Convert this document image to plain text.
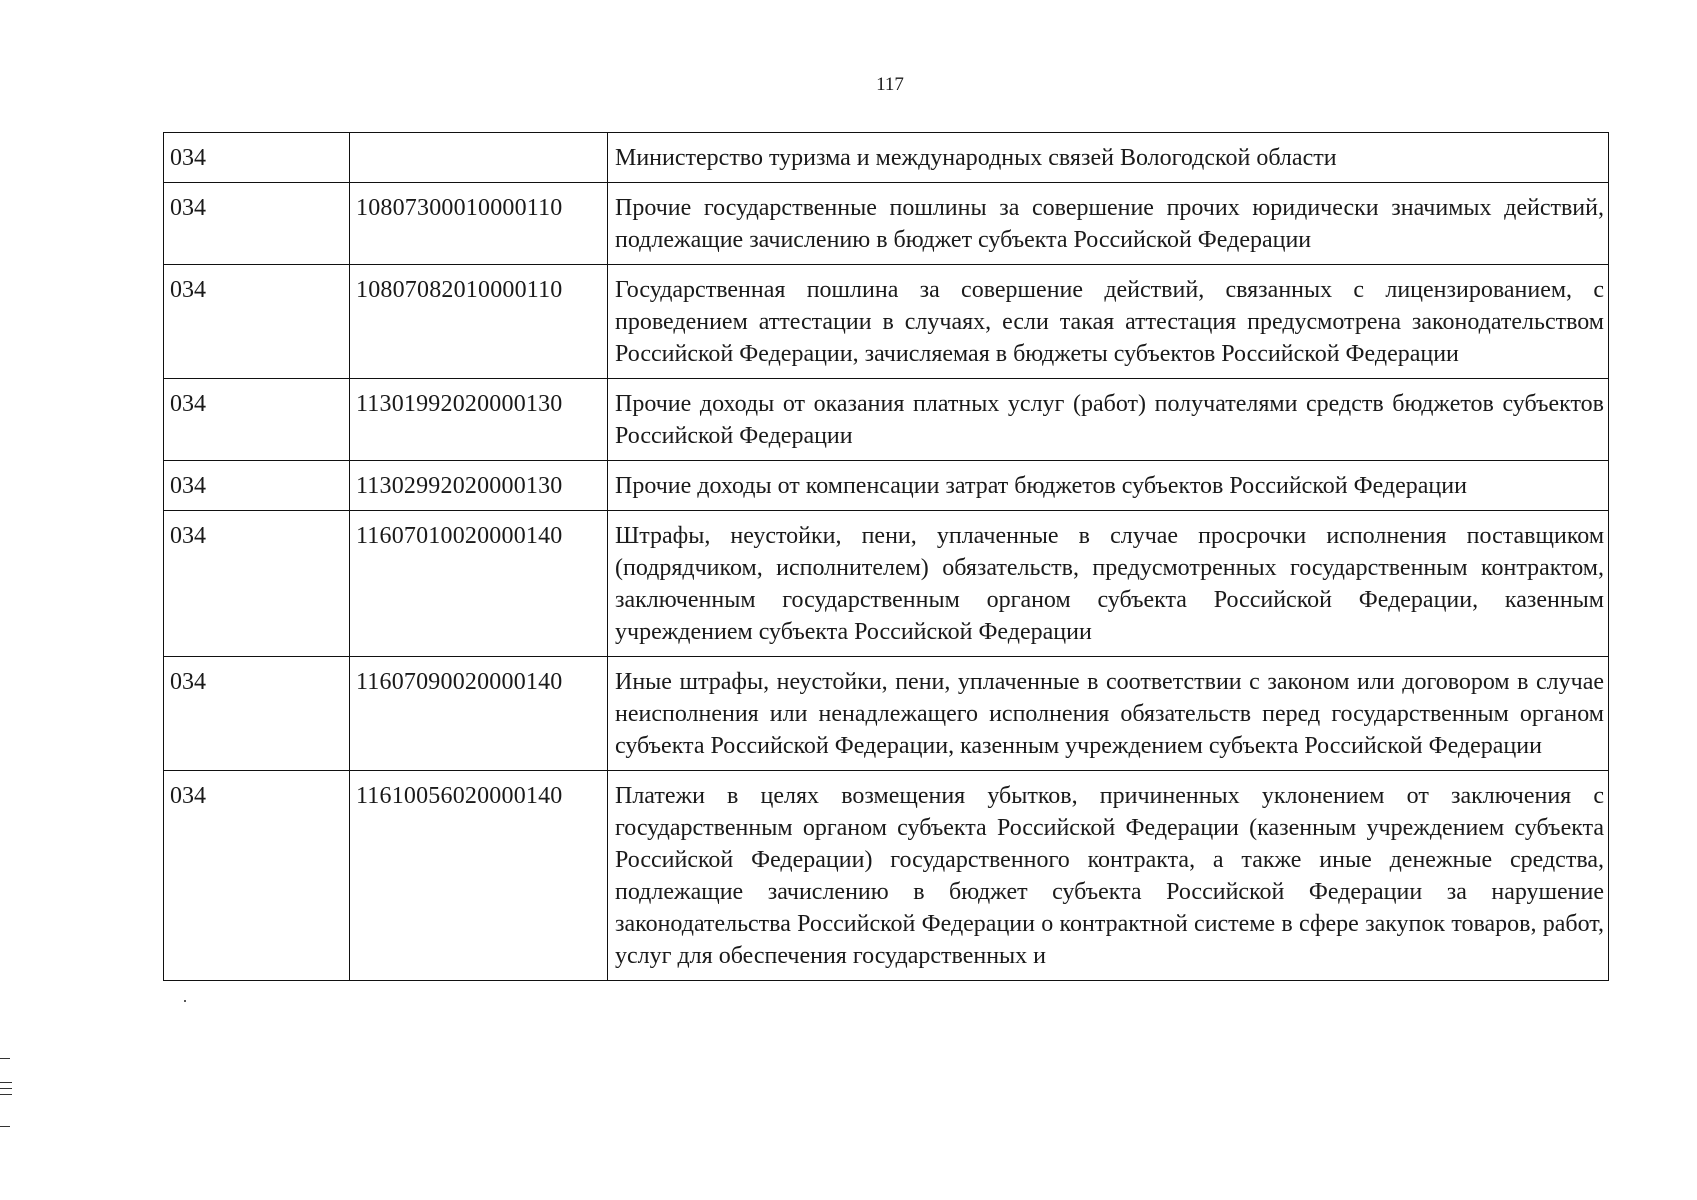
117
034		Министерство туризма и международных связей Вологодской области
034	10807300010000110	Прочие государственные пошлины за совершение прочих юридически значимых действий, подлежащие зачислению в бюджет субъекта Российской Федерации
034	10807082010000110	Государственная пошлина за совершение действий, связанных с лицензированием, с проведением аттестации в случаях, если такая аттестация предусмотрена законодательством Российской Федерации, зачисляемая в бюджеты субъектов Российской Федерации
034	11301992020000130	Прочие доходы от оказания платных услуг (работ) получателями средств бюджетов субъектов Российской Федерации
034	11302992020000130	Прочие доходы от компенсации затрат бюджетов субъектов Российской Федерации
034	11607010020000140	Штрафы, неустойки, пени, уплаченные в случае просрочки исполнения поставщиком (подрядчиком, исполнителем) обязательств, предусмотренных государственным контрактом, заключенным государственным органом субъекта Российской Федерации, казенным учреждением субъекта Российской Федерации
034	11607090020000140	Иные штрафы, неустойки, пени, уплаченные в соответствии с законом или договором в случае неисполнения или ненадлежащего исполнения обязательств перед государственным органом субъекта Российской Федерации, казенным учреждением субъекта Российской Федерации
034	11610056020000140	Платежи в целях возмещения убытков, причиненных уклонением от заключения с государственным органом субъекта Российской Федерации (казенным учреждением субъекта Российской Федерации) государственного контракта, а также иные денежные средства, подлежащие зачислению в бюджет субъекта Российской Федерации за нарушение законодательства Российской Федерации о контрактной системе в сфере закупок товаров, работ, услуг для обеспечения государственных и
